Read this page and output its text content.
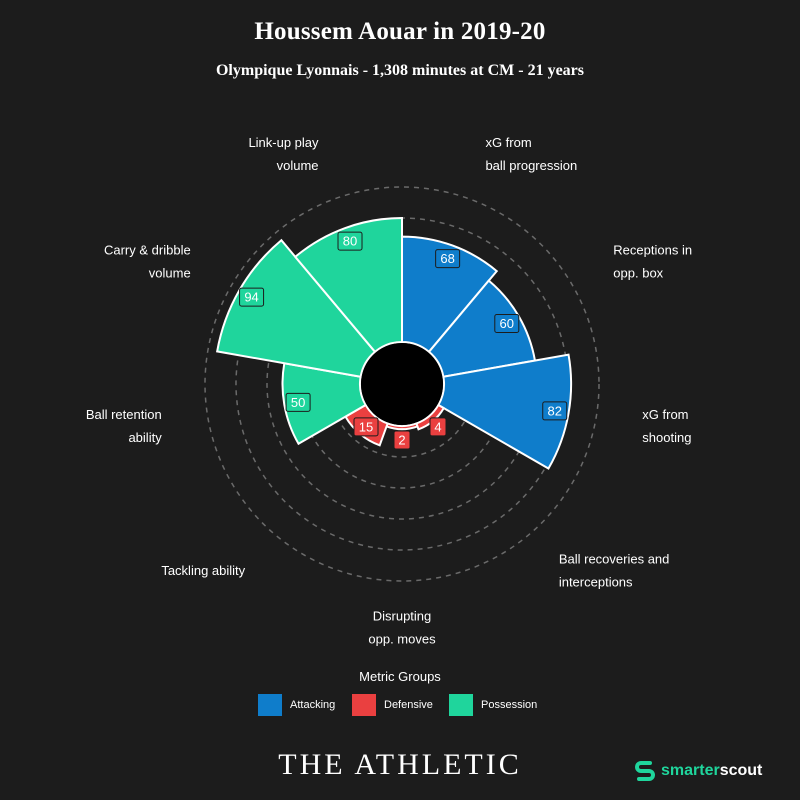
Houssem Aouar in 2019-20
Olympique Lyonnais - 1,308 minutes at CM - 21 years
68
60
82
4
2
15
50
94
80
xG from ball progression
Receptions in opp. box
xG from shooting
Ball recoveries and interceptions
Disrupting opp. moves
Tackling ability
Ball retention ability
Carry & dribble volume
Link-up play volume
Metric Groups
Attacking	Defensive	Possession
THE ATHLETIC	smarter scout
